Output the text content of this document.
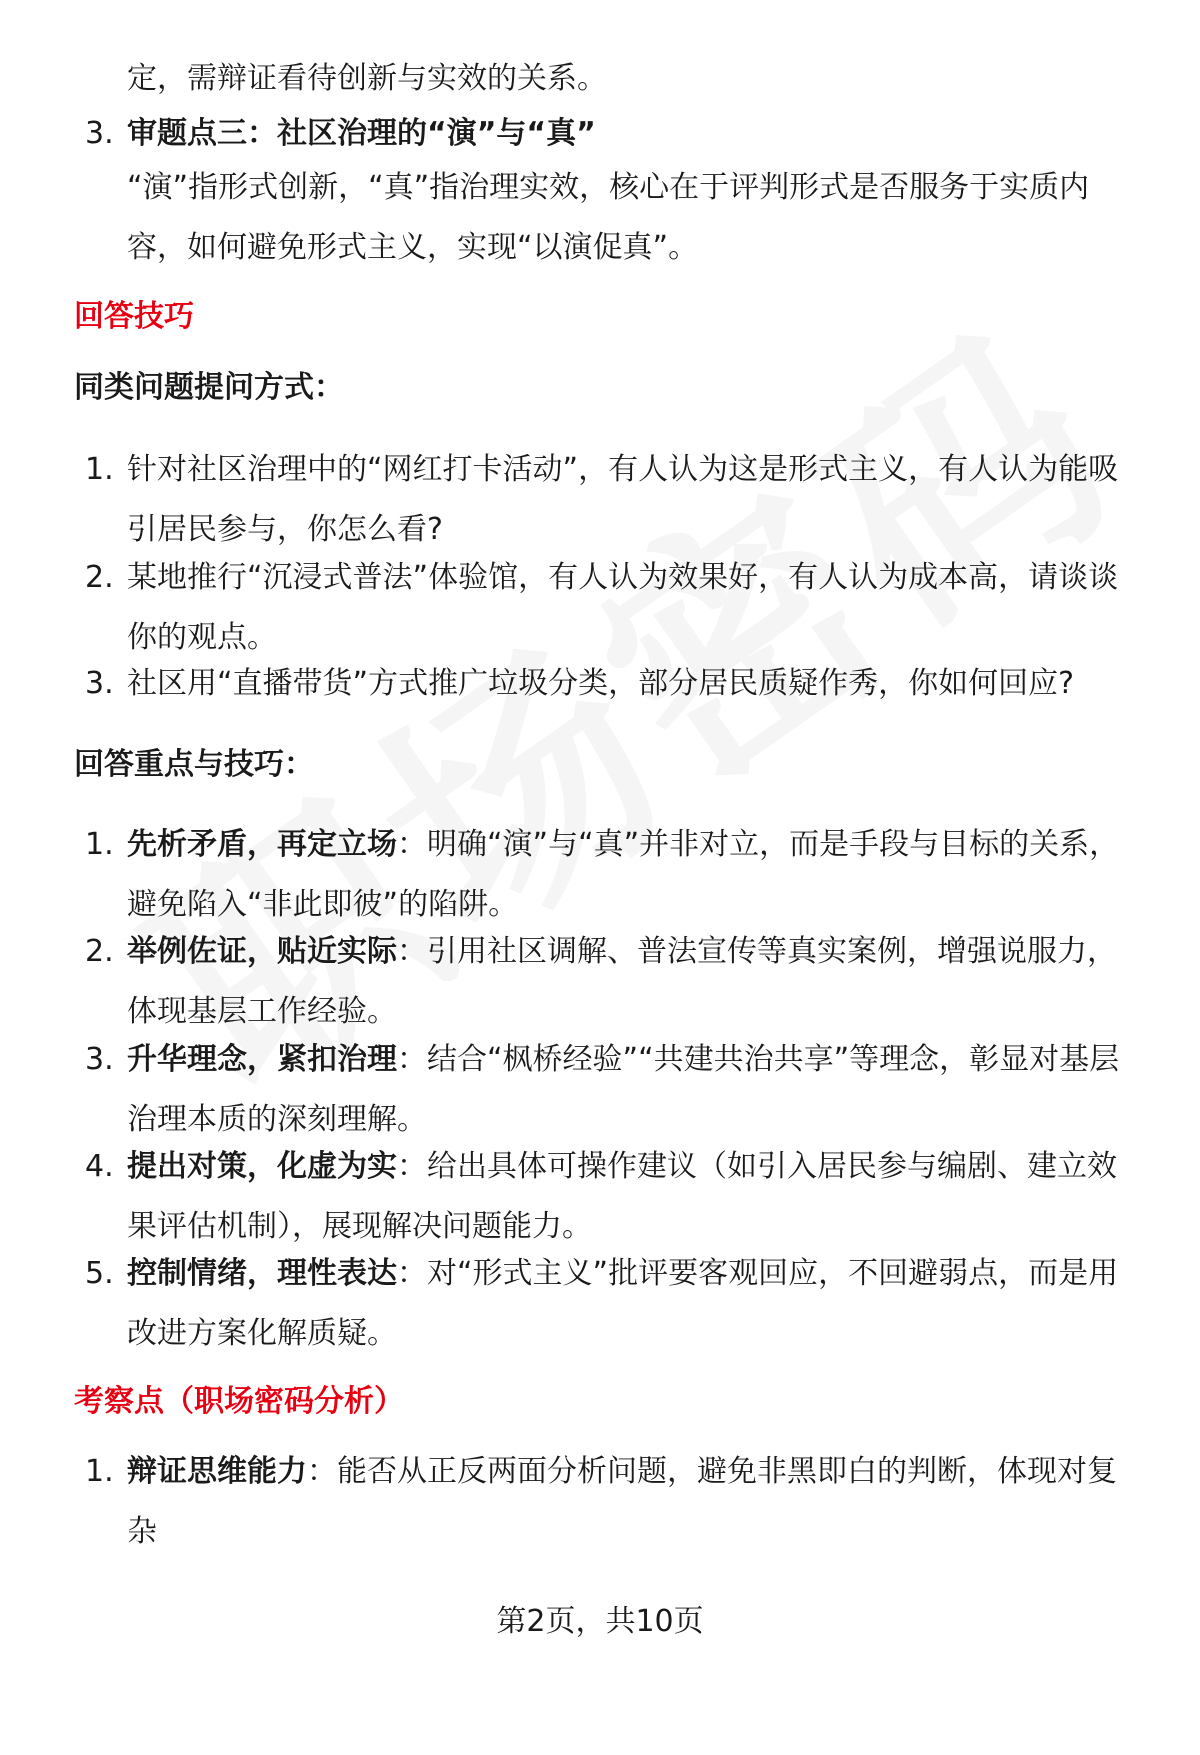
定，需辩证看待创新与实效的关系。
3. 审题点三：社区治理的“演”与“真”
“演”指形式创新，“真”指治理实效，核心在于评判形式是否服务于实质内容，如何避免形式主义，实现“以演促真”。
回答技巧
同类问题提问方式：
1. 针对社区治理中的“网红打卡活动”，有人认为这是形式主义，有人认为能吸引居民参与，你怎么看?
2. 某地推行“沉浸式普法”体验馆，有人认为效果好，有人认为成本高，请谈谈你的观点。
3. 社区用“直播带货”方式推广垃圾分类，部分居民质疑作秀，你如何回应?
回答重点与技巧：
1. 先析矛盾，再定立场：明确“演”与“真”并非对立，而是手段与目标的关系，避免陷入“非此即彼”的陷阱。
2. 举例佐证，贴近实际：引用社区调解、普法宣传等真实案例，增强说服力，体现基层工作经验。
3. 升华理念，紧扣治理：结合“枫桥经验”“共建共治共享”等理念，彰显对基层治理本质的深刻理解。
4. 提出对策，化虚为实：给出具体可操作建议（如引入居民参与编剧、建立效果评估机制），展现解决问题能力。
5. 控制情绪，理性表达：对“形式主义”批评要客观回应，不回避弱点，而是用改进方案化解质疑。
考察点（职场密码分析）
1. 辩证思维能力：能否从正反两面分析问题，避免非黑即白的判断，体现对复杂
第2页，共10页
